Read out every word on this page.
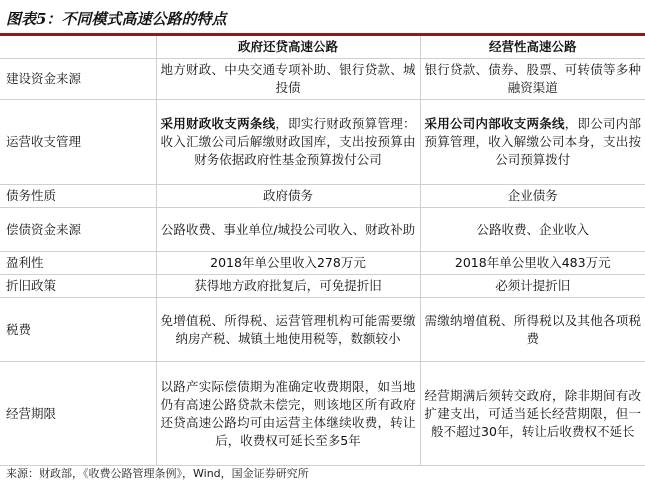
图表5：不同模式高速公路的特点
	政府还贷高速公路	经营性高速公路
建设资金来源	地方财政、中央交通专项补助、银行贷款、城投债	银行贷款、债券、股票、可转债等多种融资渠道
运营收支管理	采用财政收支两条线，即实行财政预算管理：收入汇缴公司后解缴财政国库，支出按预算由财务依据政府性基金预算拨付公司	采用公司内部收支两条线，即公司内部预算管理，收入解缴公司本身，支出按公司预算拨付
债务性质	政府债务	企业债务
偿债资金来源	公路收费、事业单位/城投公司收入、财政补助	公路收费、企业收入
盈利性	2018年单公里收入278万元	2018年单公里收入483万元
折旧政策	获得地方政府批复后，可免提折旧	必须计提折旧
税费	免增值税、所得税、运营管理机构可能需要缴纳房产税、城镇土地使用税等，数额较小	需缴纳增值税、所得税以及其他各项税费
经营期限	以路产实际偿债期为准确定收费期限，如当地仍有高速公路贷款未偿完，则该地区所有政府还贷高速公路均可由运营主体继续收费，转让后，收费权可延长至多5年	经营期满后须转交政府，除非期间有改扩建支出，可适当延长经营期限，但一般不超过30年，转让后收费权不延长
来源：财政部，《收费公路管理条例》，Wind，国金证券研究所
